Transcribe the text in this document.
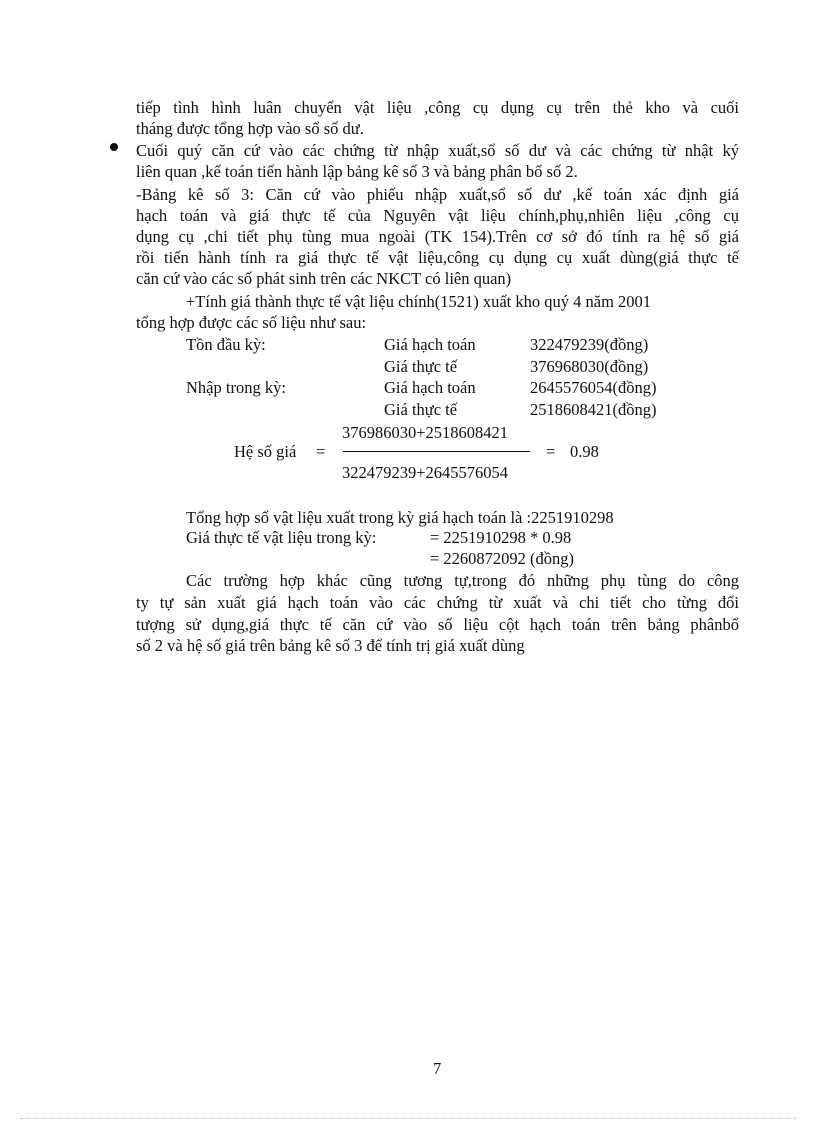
tiếp tình hình luân chuyển vật liệu ,công cụ dụng cụ trên thẻ kho và cuối
tháng được tổng hợp vào sổ số dư.
Cuối quý căn cứ vào các chứng từ nhập xuất,sổ số dư và các chứng từ nhật ký
liên quan ,kế toán tiến hành lập bảng kê số 3 và bảng phân bổ số 2.
-Bảng kê số 3: Căn cứ vào phiếu nhập xuất,sổ số dư ,kế toán xác định giá
hạch toán và giá thực tế của Nguyên vật liệu chính,phụ,nhiên liệu ,công cụ
dụng cụ ,chi tiết phụ tùng mua ngoài (TK 154).Trên cơ sở đó tính ra hệ số giá
rồi tiến hành tính ra giá thực tế vật liệu,công cụ dụng cụ xuất dùng(giá thực tế
căn cứ vào các số phát sinh trên các NKCT có liên quan)
+Tính giá thành thực tế vật liệu chính(1521) xuất kho quý 4 năm 2001
tổng hợp được các số liệu như sau:
Tồn đầu kỳ:	Giá hạch toán	322479239(đồng)
Giá thực tế	376968030(đồng)
Nhập trong kỳ:	Giá hạch toán	2645576054(đồng)
Giá thực tế	2518608421(đồng)
376986030+2518608421
Hệ số giá =	= 0.98
322479239+2645576054
Tổng hợp số vật liệu xuất trong kỳ giá hạch toán là :2251910298
Giá thực tế vật liệu trong kỳ:	= 2251910298 * 0.98
= 2260872092 (đồng)
Các trường hợp khác cũng tương tự,trong đó những phụ tùng do công
ty tự sản xuất giá hạch toán vào các chứng từ xuất và chi tiết cho từng đối
tượng sử dụng,giá thực tế căn cứ vào số liệu cột hạch toán trên bảng phânbổ
số 2 và hệ số giá trên bảng kê số 3 để tính trị giá xuất dùng
7
